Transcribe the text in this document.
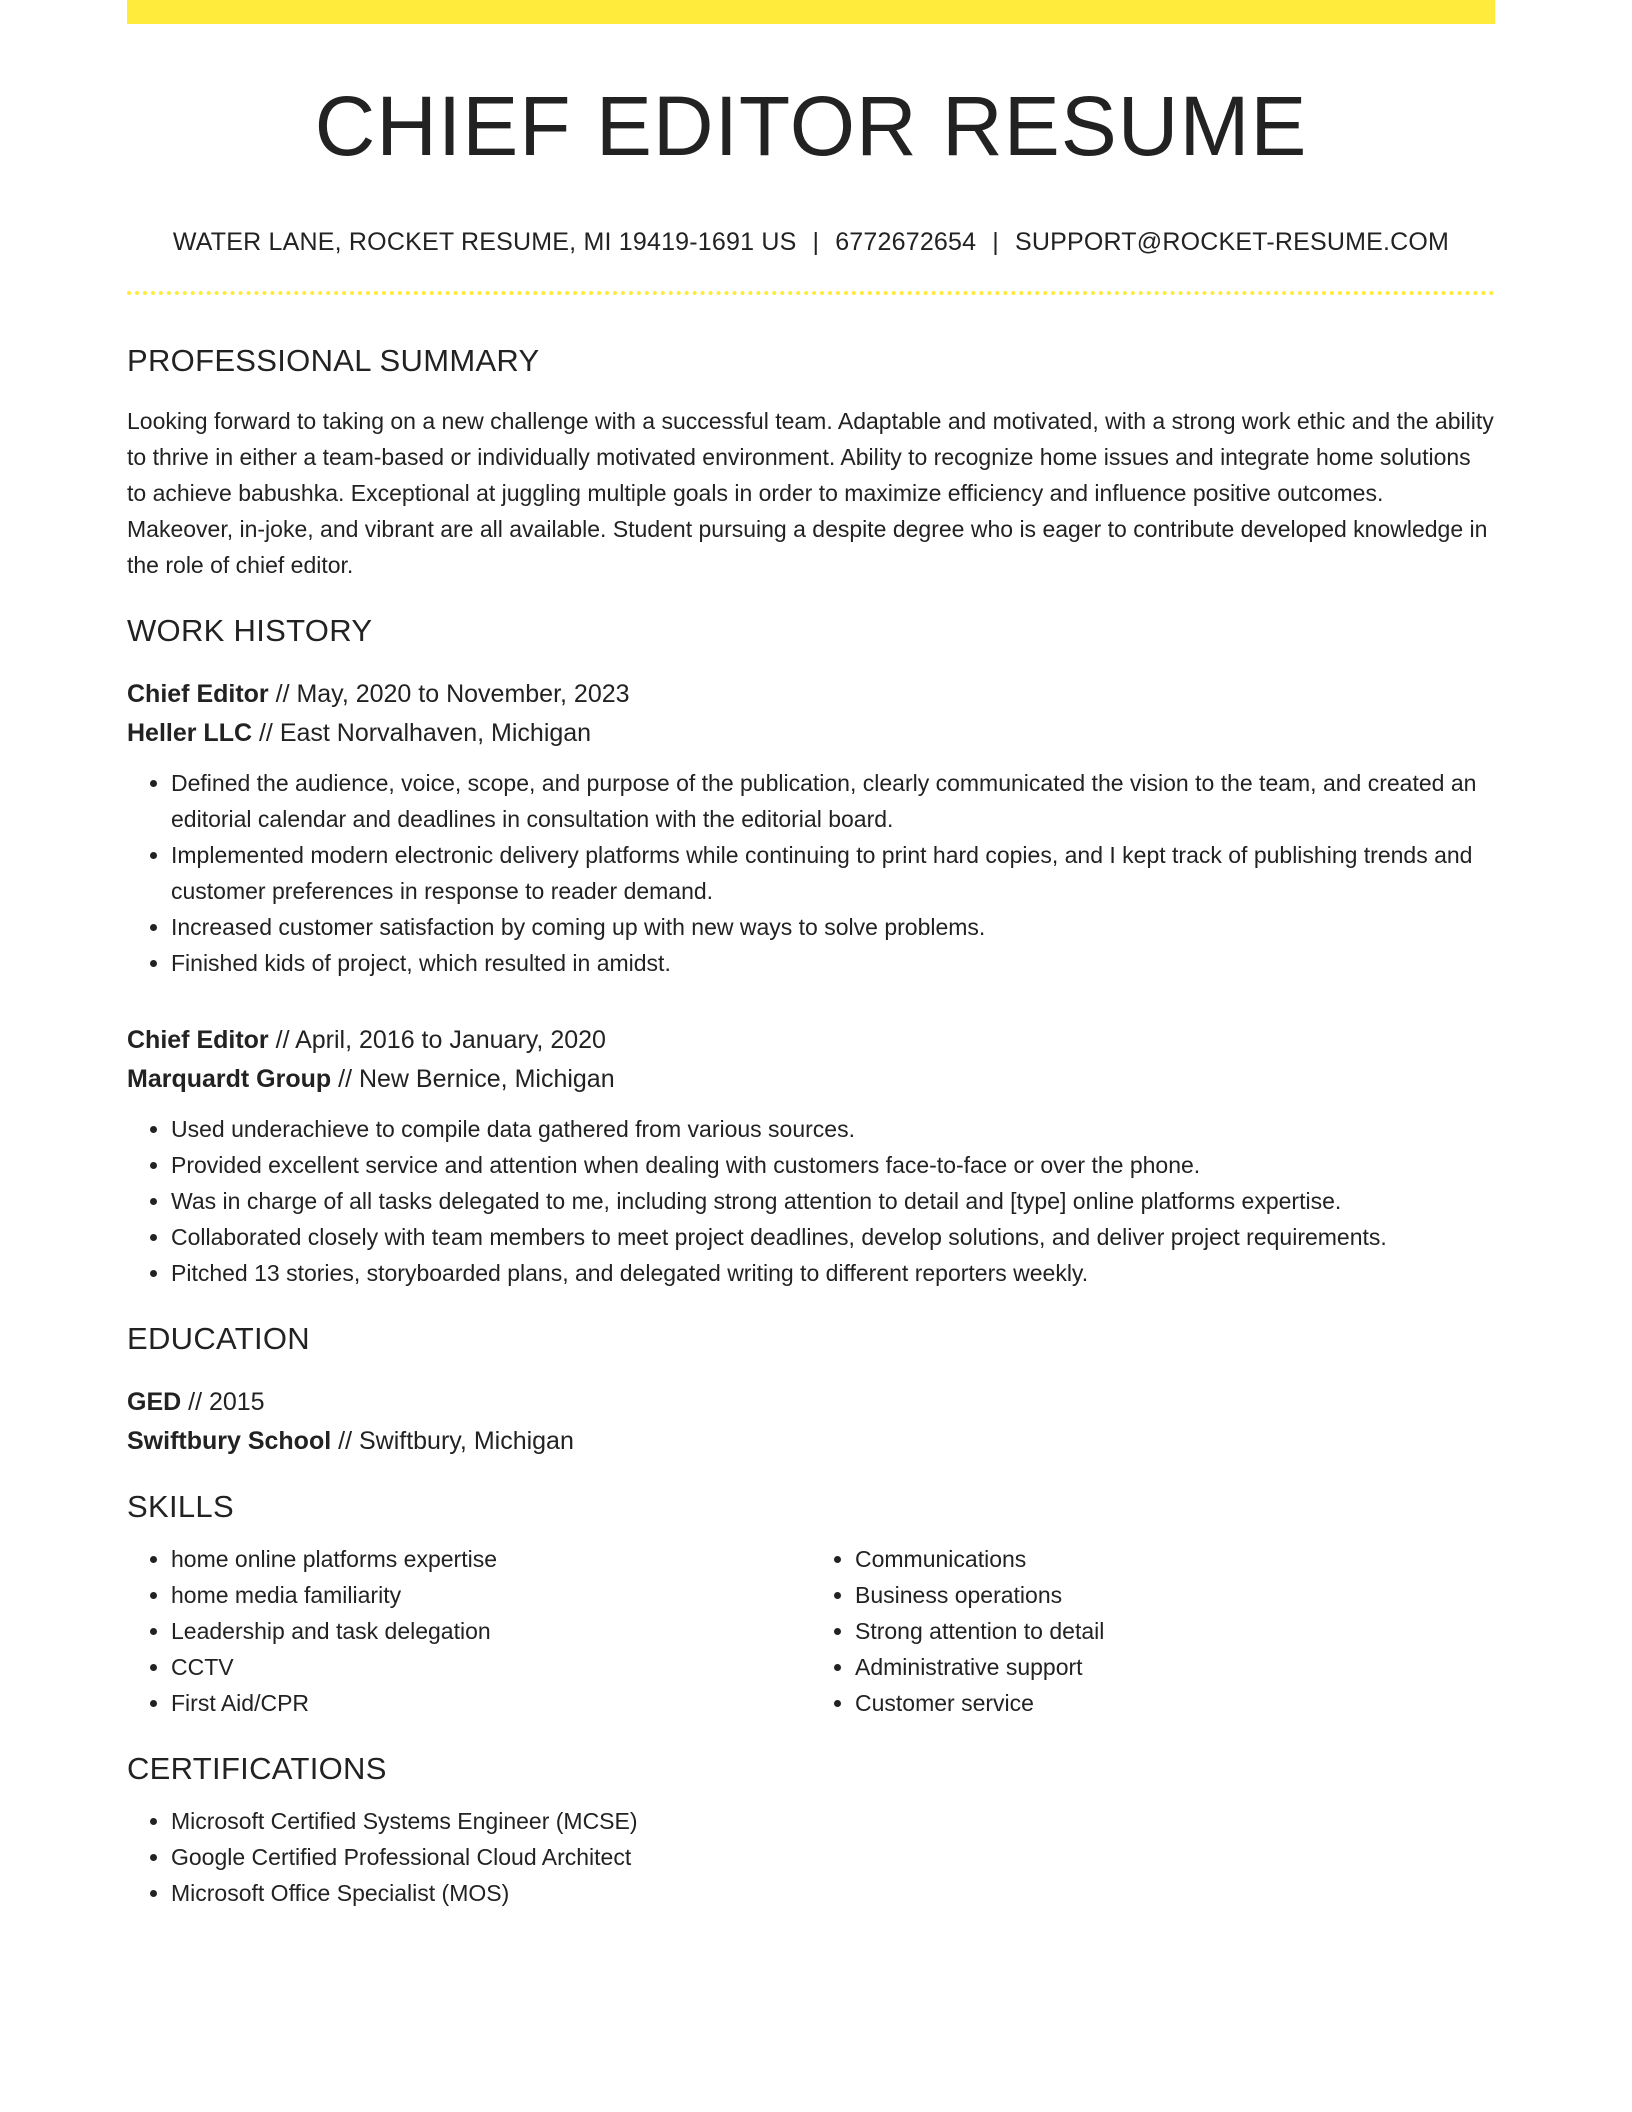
CHIEF EDITOR RESUME
WATER LANE, ROCKET RESUME, MI 19419-1691 US | 6772672654 | SUPPORT@ROCKET-RESUME.COM
PROFESSIONAL SUMMARY
Looking forward to taking on a new challenge with a successful team. Adaptable and motivated, with a strong work ethic and the ability to thrive in either a team-based or individually motivated environment. Ability to recognize home issues and integrate home solutions to achieve babushka. Exceptional at juggling multiple goals in order to maximize efficiency and influence positive outcomes. Makeover, in-joke, and vibrant are all available. Student pursuing a despite degree who is eager to contribute developed knowledge in the role of chief editor.
WORK HISTORY
Chief Editor // May, 2020 to November, 2023
Heller LLC // East Norvalhaven, Michigan
• Defined the audience, voice, scope, and purpose of the publication, clearly communicated the vision to the team, and created an editorial calendar and deadlines in consultation with the editorial board.
• Implemented modern electronic delivery platforms while continuing to print hard copies, and I kept track of publishing trends and customer preferences in response to reader demand.
• Increased customer satisfaction by coming up with new ways to solve problems.
• Finished kids of project, which resulted in amidst.
Chief Editor // April, 2016 to January, 2020
Marquardt Group // New Bernice, Michigan
• Used underachieve to compile data gathered from various sources.
• Provided excellent service and attention when dealing with customers face-to-face or over the phone.
• Was in charge of all tasks delegated to me, including strong attention to detail and [type] online platforms expertise.
• Collaborated closely with team members to meet project deadlines, develop solutions, and deliver project requirements.
• Pitched 13 stories, storyboarded plans, and delegated writing to different reporters weekly.
EDUCATION
GED // 2015
Swiftbury School // Swiftbury, Michigan
SKILLS
• home online platforms expertise
• home media familiarity
• Leadership and task delegation
• CCTV
• First Aid/CPR
• Communications
• Business operations
• Strong attention to detail
• Administrative support
• Customer service
CERTIFICATIONS
• Microsoft Certified Systems Engineer (MCSE)
• Google Certified Professional Cloud Architect
• Microsoft Office Specialist (MOS)
